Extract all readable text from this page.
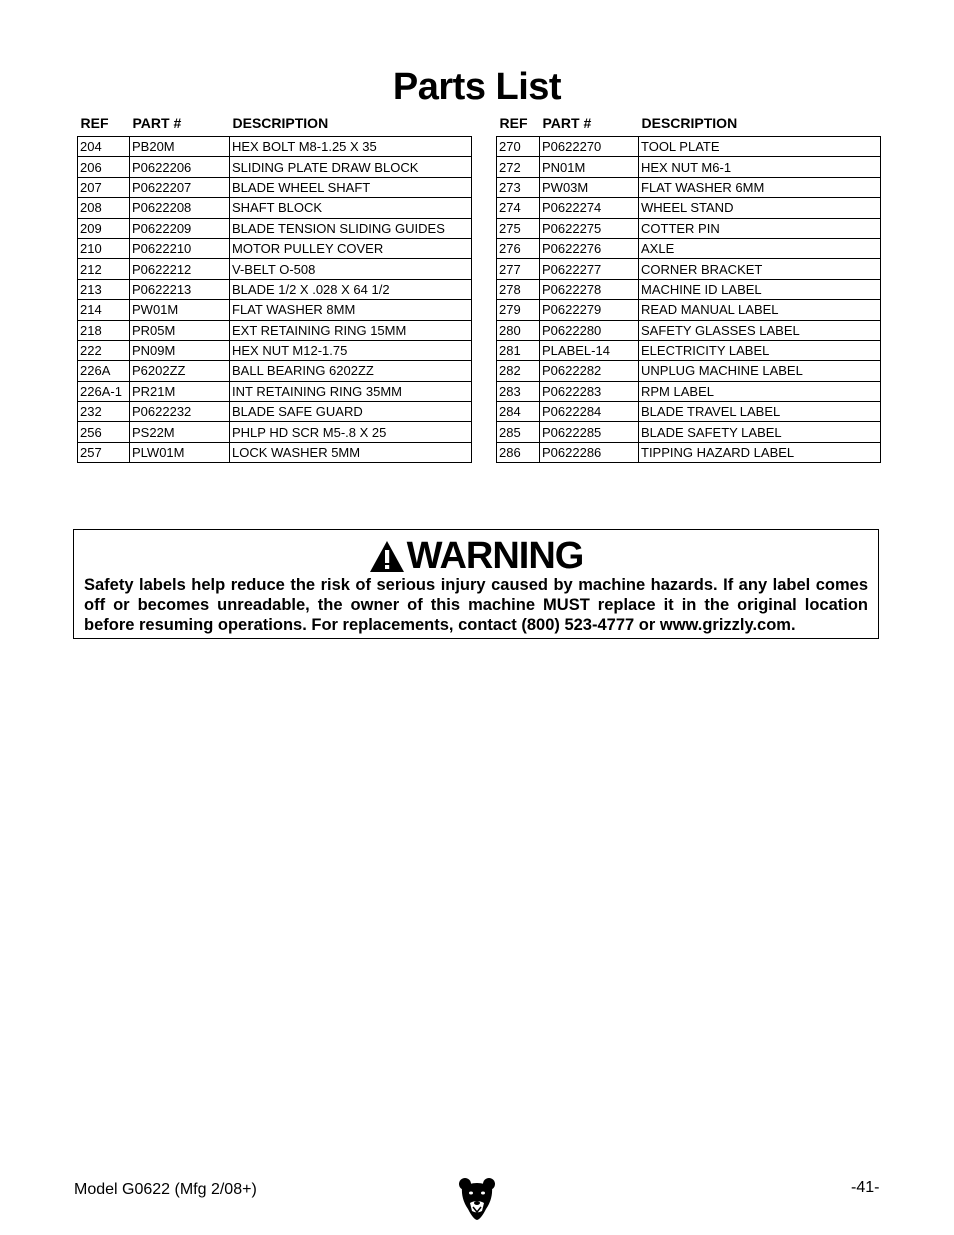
Parts List
REF	PART #	DESCRIPTION
204	PB20M	HEX BOLT M8-1.25 X 35
206	P0622206	SLIDING PLATE DRAW BLOCK
207	P0622207	BLADE WHEEL SHAFT
208	P0622208	SHAFT BLOCK
209	P0622209	BLADE TENSION SLIDING GUIDES
210	P0622210	MOTOR PULLEY COVER
212	P0622212	V-BELT O-508
213	P0622213	BLADE 1/2 X .028 X 64 1/2
214	PW01M	FLAT WASHER 8MM
218	PR05M	EXT RETAINING RING 15MM
222	PN09M	HEX NUT M12-1.75
226A	P6202ZZ	BALL BEARING 6202ZZ
226A-1	PR21M	INT RETAINING RING 35MM
232	P0622232	BLADE SAFE GUARD
256	PS22M	PHLP HD SCR M5-.8 X 25
257	PLW01M	LOCK WASHER 5MM
REF	PART #	DESCRIPTION
270	P0622270	TOOL PLATE
272	PN01M	HEX NUT M6-1
273	PW03M	FLAT WASHER 6MM
274	P0622274	WHEEL STAND
275	P0622275	COTTER PIN
276	P0622276	AXLE
277	P0622277	CORNER BRACKET
278	P0622278	MACHINE ID LABEL
279	P0622279	READ MANUAL LABEL
280	P0622280	SAFETY GLASSES LABEL
281	PLABEL-14	ELECTRICITY LABEL
282	P0622282	UNPLUG MACHINE LABEL
283	P0622283	RPM LABEL
284	P0622284	BLADE TRAVEL LABEL
285	P0622285	BLADE SAFETY LABEL
286	P0622286	TIPPING HAZARD LABEL
WARNING
Safety labels help reduce the risk of serious injury caused by machine hazards. If any label comes off or becomes unreadable, the owner of this machine MUST replace it in the original location before resuming operations. For replacements, contact (800) 523-4777 or www.grizzly.com.
Model G0622 (Mfg 2/08+)	-41-
